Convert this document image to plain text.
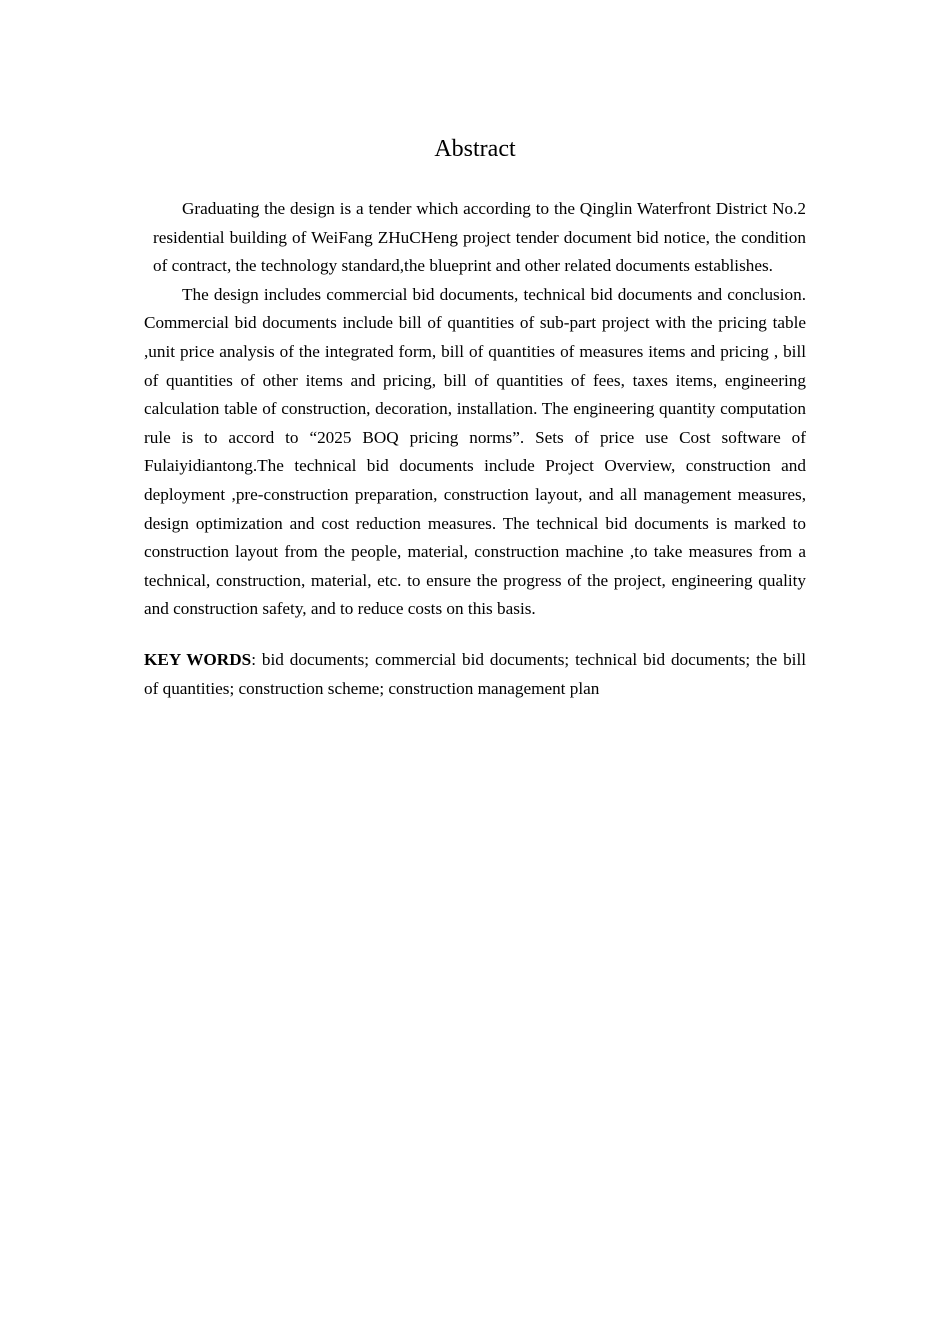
Abstract

Graduating the design is a tender which according to the Qinglin Waterfront District No.2 residential building of WeiFang ZHuCHeng project tender document bid notice, the condition of contract, the technology standard,the blueprint and other related documents establishes.

The design includes commercial bid documents, technical bid documents and conclusion. Commercial bid documents include bill of quantities of sub-part project with the pricing table ,unit price analysis of the integrated form, bill of quantities of measures items and pricing , bill of quantities of other items and pricing, bill of quantities of fees, taxes items, engineering calculation table of construction, decoration, installation. The engineering quantity computation rule is to accord to “2025 BOQ pricing norms”. Sets of price use Cost software of Fulaiyidiantong.The technical bid documents include Project Overview, construction and deployment ,pre-construction preparation, construction layout, and all management measures, design optimization and cost reduction measures. The technical bid documents is marked to construction layout from the people, material, construction machine ,to take measures from a technical, construction, material, etc. to ensure the progress of the project, engineering quality and construction safety, and to reduce costs on this basis.

KEY WORDS: bid documents; commercial bid documents; technical bid documents; the bill of quantities; construction scheme; construction management plan
